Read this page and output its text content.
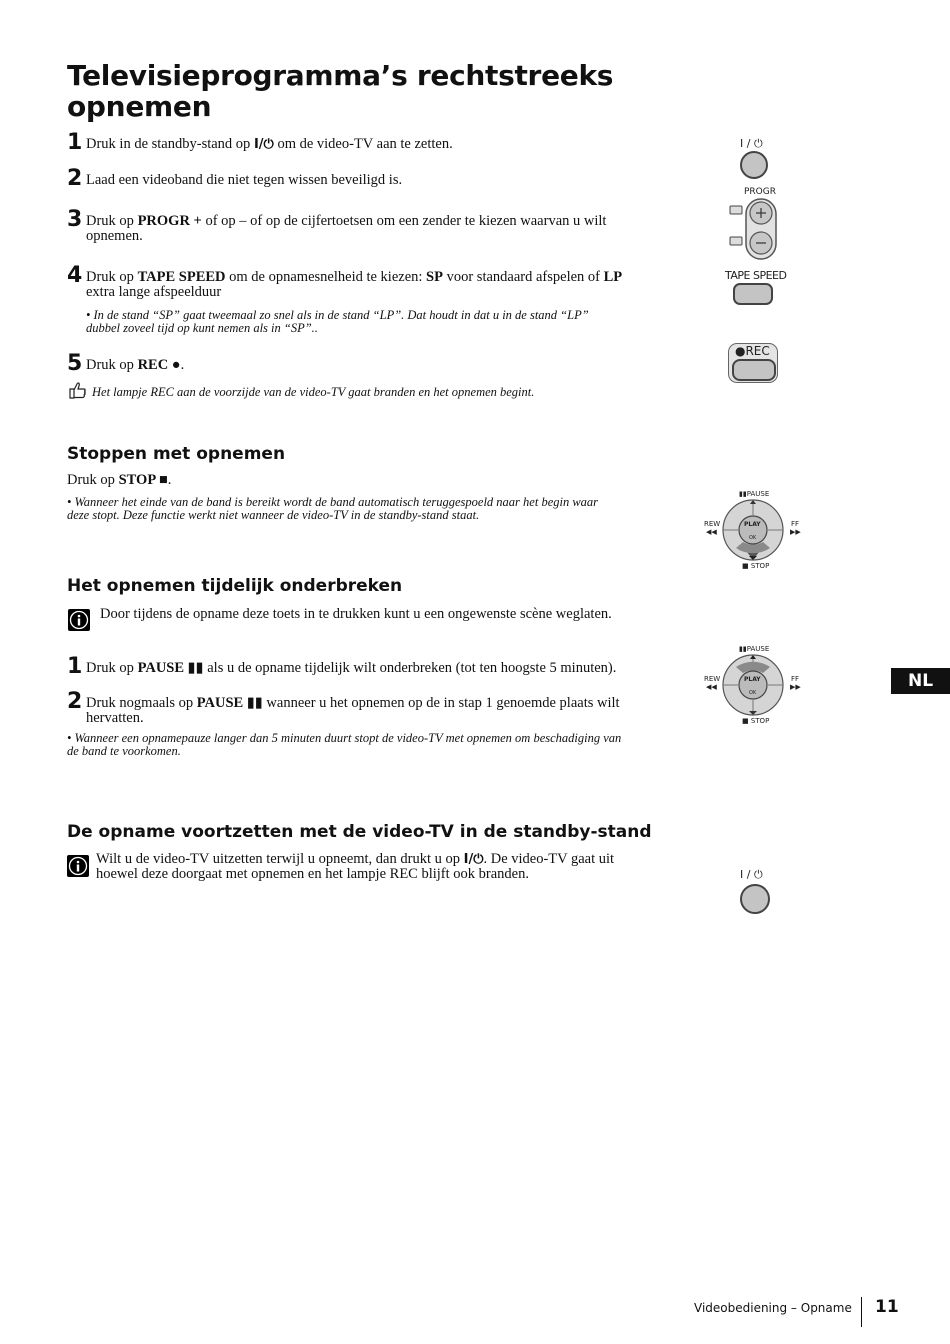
Televisieprogramma’s rechtstreeks opnemen
1 Druk in de standby-stand op I/⏻ om de video-TV aan te zetten.
2 Laad een videoband die niet tegen wissen beveiligd is.
3 Druk op PROGR + of op – of op de cijfertoetsen om een zender te kiezen waarvan u wilt opnemen.
4 Druk op TAPE SPEED om de opnamesnelheid te kiezen: SP voor standaard afspelen of LP extra lange afspeelduur
• In de stand “SP” gaat tweemaal zo snel als in de stand “LP”. Dat houdt in dat u in de stand “LP” dubbel zoveel tijd op kunt nemen als in “SP”..
5 Druk op REC ●.
Het lampje REC aan de voorzijde van de video-TV gaat branden en het opnemen begint.
Stoppen met opnemen
Druk op STOP ■.
• Wanneer het einde van de band is bereikt wordt de band automatisch teruggespoeld naar het begin waar deze stopt. Deze functie werkt niet wanneer de video-TV in de standby-stand staat.
Het opnemen tijdelijk onderbreken
Door tijdens de opname deze toets in te drukken kunt u een ongewenste scène weglaten.
1 Druk op PAUSE ▮▮ als u de opname tijdelijk wilt onderbreken (tot ten hoogste 5 minuten).
2 Druk nogmaals op PAUSE ▮▮ wanneer u het opnemen op de in stap 1 genoemde plaats wilt hervatten.
• Wanneer een opnamepauze langer dan 5 minuten duurt stopt de video-TV met opnemen om beschadiging van de band te voorkomen.
De opname voortzetten met de video-TV in de standby-stand
Wilt u de video-TV uitzetten terwijl u opneemt, dan drukt u op I/⏻. De video-TV gaat uit hoewel deze doorgaat met opnemen en het lampje REC blijft ook branden.
I / ⏻
PROGR
TAPE SPEED
●REC
▮▮PAUSE
■ STOP
REW
◀◀
FF
▶▶
PLAY
OK
▮▮PAUSE
■ STOP
REW
◀◀
FF
▶▶
PLAY
OK
I / ⏻
NL
Videobediening – Opname 11
